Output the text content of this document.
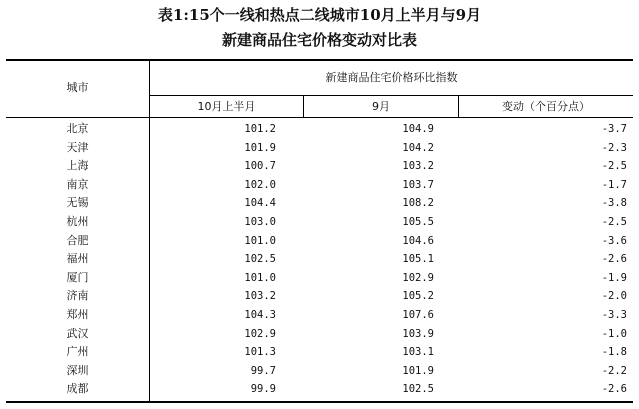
表1:15个一线和热点二线城市10月上半月与9月
新建商品住宅价格变动对比表
城市
新建商品住宅价格环比指数
10月上半月	9月	变动（个百分点）
北京	101.2	104.9	-3.7
天津	101.9	104.2	-2.3
上海	100.7	103.2	-2.5
南京	102.0	103.7	-1.7
无锡	104.4	108.2	-3.8
杭州	103.0	105.5	-2.5
合肥	101.0	104.6	-3.6
福州	102.5	105.1	-2.6
厦门	101.0	102.9	-1.9
济南	103.2	105.2	-2.0
郑州	104.3	107.6	-3.3
武汉	102.9	103.9	-1.0
广州	101.3	103.1	-1.8
深圳	99.7	101.9	-2.2
成都	99.9	102.5	-2.6
